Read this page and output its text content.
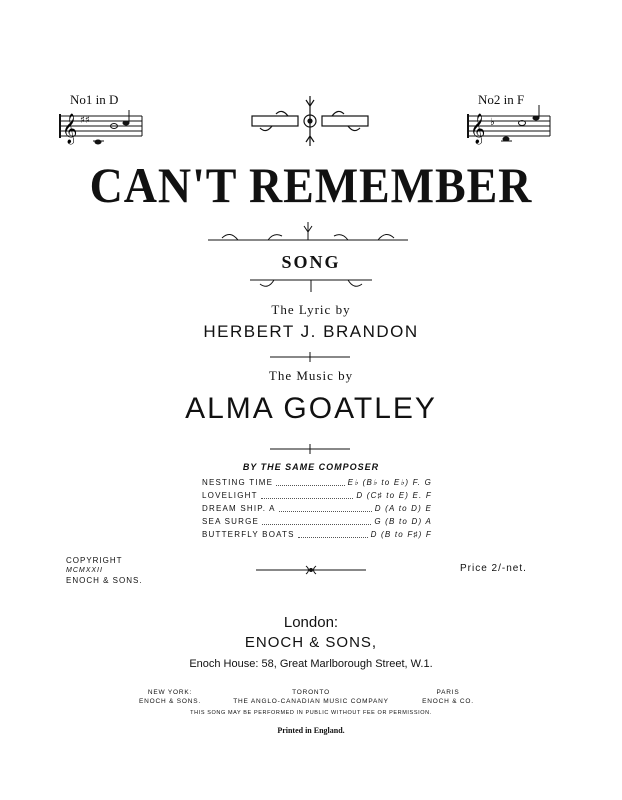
No1 in D	No2 in F
𝄞 ♯♯	𝄞 ♭
CAN'T REMEMBER
SONG
The Lyric by
HERBERT J. BRANDON
The Music by
ALMA GOATLEY
BY THE SAME COMPOSER
NESTING TIME	E♭ (B♭ to E♭) F. G
LOVELIGHT	D (C♯ to E) E. F
DREAM SHIP. A	D (A to D) E
SEA SURGE	G (B to D) A
BUTTERFLY BOATS	D (B to F♯) F
COPYRIGHT
MCMXXII
ENOCH & SONS.
Price 2/-net.
London:
ENOCH & SONS,
Enoch House: 58, Great Marlborough Street, W.1.
NEW YORK:
ENOCH & SONS.
TORONTO
THE ANGLO-CANADIAN MUSIC COMPANY
PARIS
ENOCH & CO.
THIS SONG MAY BE PERFORMED IN PUBLIC WITHOUT FEE OR PERMISSION.
Printed in England.
